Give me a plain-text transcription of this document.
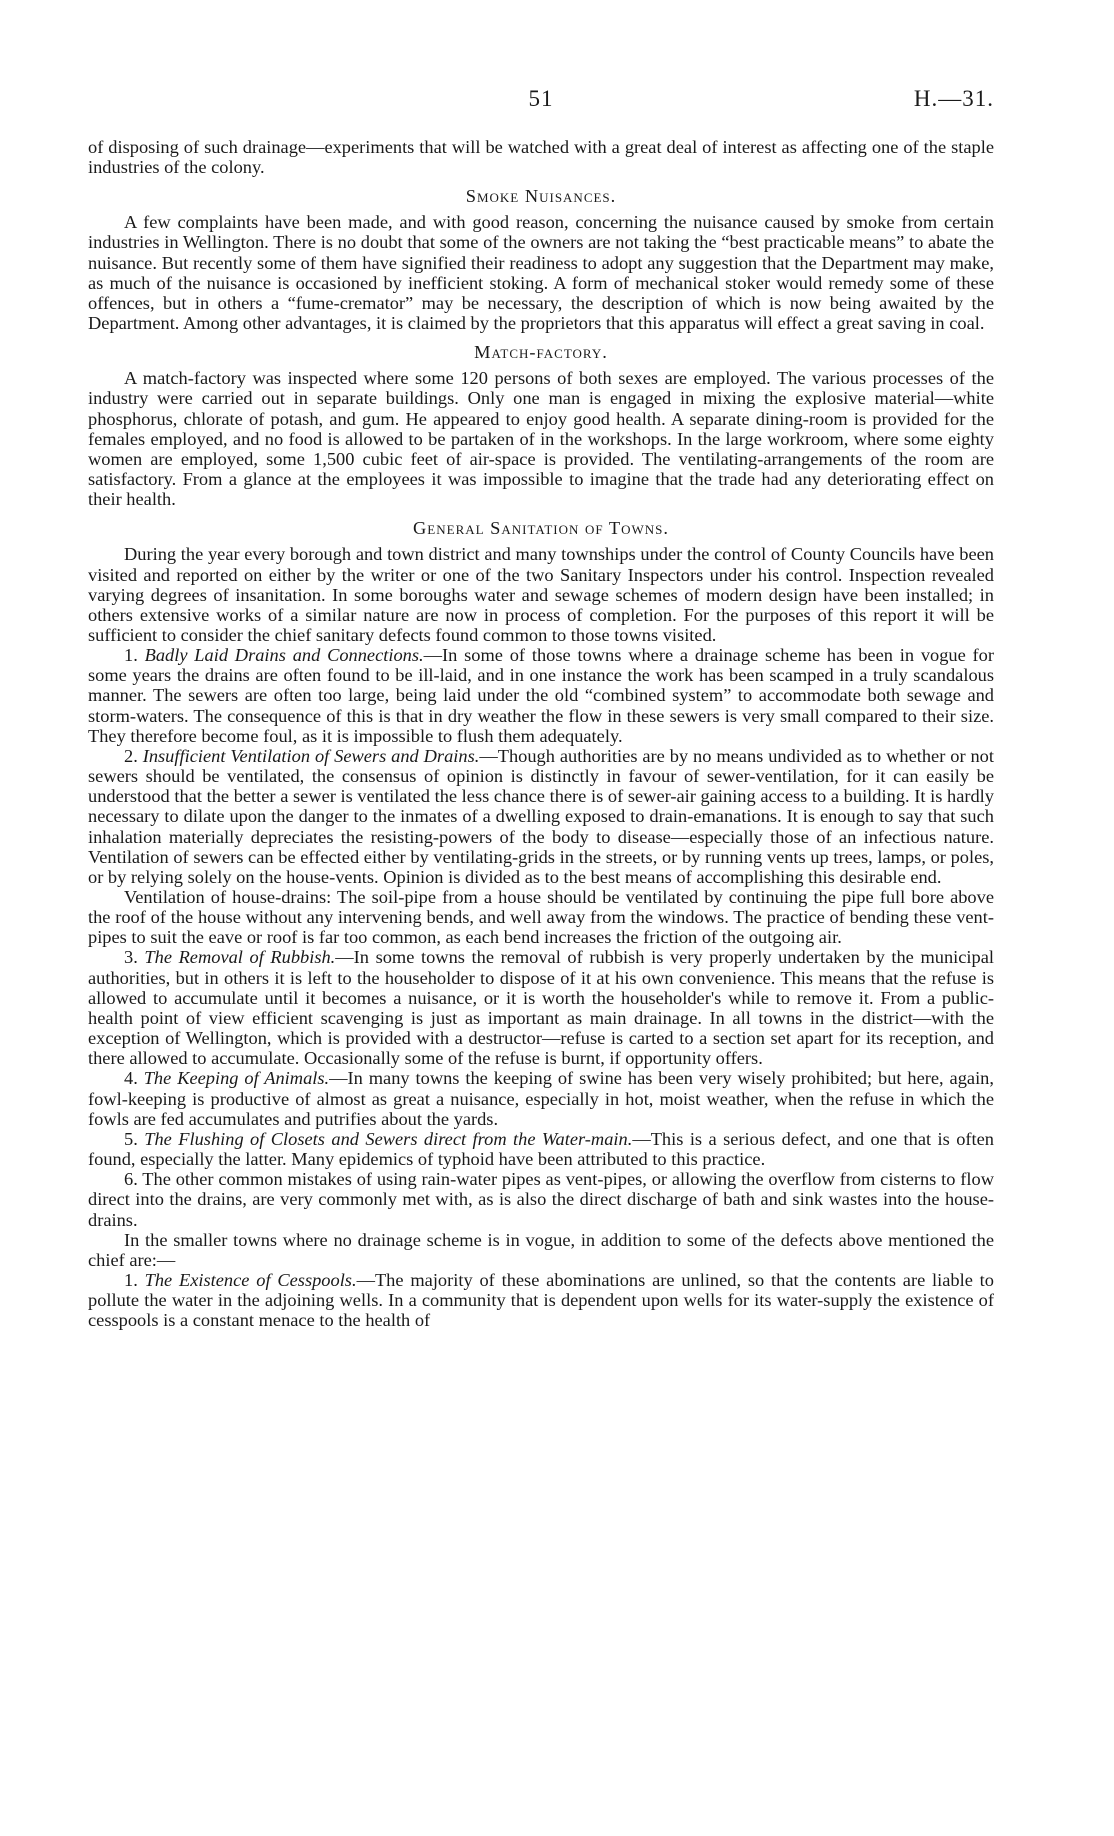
51	H.—31.

of disposing of such drainage—experiments that will be watched with a great deal of interest as affecting one of the staple industries of the colony.

Smoke Nuisances.

A few complaints have been made, and with good reason, concerning the nuisance caused by smoke from certain industries in Wellington. There is no doubt that some of the owners are not taking the “best practicable means” to abate the nuisance. But recently some of them have signified their readiness to adopt any suggestion that the Department may make, as much of the nuisance is occasioned by inefficient stoking. A form of mechanical stoker would remedy some of these offences, but in others a “fume-cremator” may be necessary, the description of which is now being awaited by the Department. Among other advantages, it is claimed by the proprietors that this apparatus will effect a great saving in coal.

Match-factory.

A match-factory was inspected where some 120 persons of both sexes are employed. The various processes of the industry were carried out in separate buildings. Only one man is engaged in mixing the explosive material—white phosphorus, chlorate of potash, and gum. He appeared to enjoy good health. A separate dining-room is provided for the females employed, and no food is allowed to be partaken of in the workshops. In the large workroom, where some eighty women are employed, some 1,500 cubic feet of air-space is provided. The ventilating-arrangements of the room are satisfactory. From a glance at the employees it was impossible to imagine that the trade had any deteriorating effect on their health.

General Sanitation of Towns.

During the year every borough and town district and many townships under the control of County Councils have been visited and reported on either by the writer or one of the two Sanitary Inspectors under his control. Inspection revealed varying degrees of insanitation. In some boroughs water and sewage schemes of modern design have been installed; in others extensive works of a similar nature are now in process of completion. For the purposes of this report it will be sufficient to consider the chief sanitary defects found common to those towns visited.

1. Badly Laid Drains and Connections.—In some of those towns where a drainage scheme has been in vogue for some years the drains are often found to be ill-laid, and in one instance the work has been scamped in a truly scandalous manner. The sewers are often too large, being laid under the old “combined system” to accommodate both sewage and storm-waters. The consequence of this is that in dry weather the flow in these sewers is very small compared to their size. They therefore become foul, as it is impossible to flush them adequately.

2. Insufficient Ventilation of Sewers and Drains.—Though authorities are by no means undivided as to whether or not sewers should be ventilated, the consensus of opinion is distinctly in favour of sewer-ventilation, for it can easily be understood that the better a sewer is ventilated the less chance there is of sewer-air gaining access to a building. It is hardly necessary to dilate upon the danger to the inmates of a dwelling exposed to drain-emanations. It is enough to say that such inhalation materially depreciates the resisting-powers of the body to disease—especially those of an infectious nature. Ventilation of sewers can be effected either by ventilating-grids in the streets, or by running vents up trees, lamps, or poles, or by relying solely on the house-vents. Opinion is divided as to the best means of accomplishing this desirable end.

Ventilation of house-drains: The soil-pipe from a house should be ventilated by continuing the pipe full bore above the roof of the house without any intervening bends, and well away from the windows. The practice of bending these vent-pipes to suit the eave or roof is far too common, as each bend increases the friction of the outgoing air.

3. The Removal of Rubbish.—In some towns the removal of rubbish is very properly undertaken by the municipal authorities, but in others it is left to the householder to dispose of it at his own convenience. This means that the refuse is allowed to accumulate until it becomes a nuisance, or it is worth the householder's while to remove it. From a public-health point of view efficient scavenging is just as important as main drainage. In all towns in the district—with the exception of Wellington, which is provided with a destructor—refuse is carted to a section set apart for its reception, and there allowed to accumulate. Occasionally some of the refuse is burnt, if opportunity offers.

4. The Keeping of Animals.—In many towns the keeping of swine has been very wisely prohibited; but here, again, fowl-keeping is productive of almost as great a nuisance, especially in hot, moist weather, when the refuse in which the fowls are fed accumulates and putrifies about the yards.

5. The Flushing of Closets and Sewers direct from the Water-main.—This is a serious defect, and one that is often found, especially the latter. Many epidemics of typhoid have been attributed to this practice.

6. The other common mistakes of using rain-water pipes as vent-pipes, or allowing the overflow from cisterns to flow direct into the drains, are very commonly met with, as is also the direct discharge of bath and sink wastes into the house-drains.

In the smaller towns where no drainage scheme is in vogue, in addition to some of the defects above mentioned the chief are:—

1. The Existence of Cesspools.—The majority of these abominations are unlined, so that the contents are liable to pollute the water in the adjoining wells. In a community that is dependent upon wells for its water-supply the existence of cesspools is a constant menace to the health of
